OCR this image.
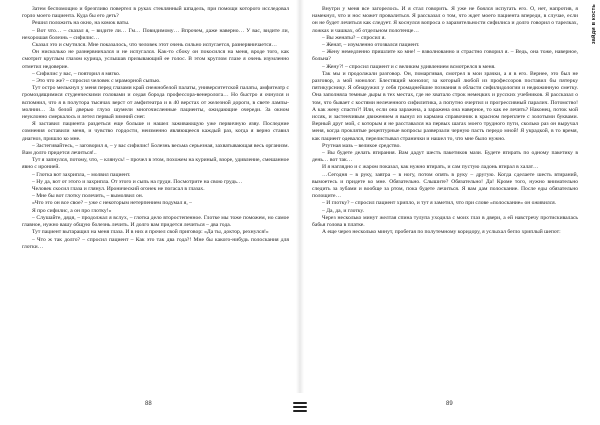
Затем беспомощно и брезгливо повертел в руках стеклянный шпадель, при помощи которого исследовал горло моего пациента. Куда бы его деть?

Решил положить на окно, на комок ваты.

– Вот что… – сказал я, – видите ли… Гм… Повидимому… Впрочем, даже наверно… У вас, видите ли, нехорошая болезнь – сифилис…

Сказал это и смутился. Мне показалось, что человек этот очень сильно испугается, разнервничается…

Он нисколько не разнервничался и не испугался. Как-то сбоку он покосился на меня, вроде того, как смотрит круглым глазом курица, услышав призывающий ее голос. В этом круглом глазе я очень изумленно отметил недоверие.

– Сифилис у вас, – повторил я мягко.

– Это что же? – спросил человек с мраморной сыпью.

Тут остро мелькнул у меня перед глазами край снежнобелой палаты, университетской палаты, амфитеатр с громоздящимися студенческими головами и седая борода профессора-венеролога… Но быстро я очнулся и вспомнил, что я в полутора тысячах верст от амфитеатра и в 40 верстах от железной дороги, в свете лампы-молнии… За белой дверью глухо шумели многочисленные пациенты, ожидающие очереди. За окном неуклонно смеркалось и летел первый зимний снег.

Я заставил пациента раздеться еще больше и нашел заживающую уже первичную язву. Последние сомнения оставили меня, и чувство гордости, неизменно являющееся каждый раз, когда я верно ставил диагноз, пришло ко мне.

– Застегивайтесь, – заговорил я, – у вас сифилис! Болезнь весьма серьезная, захватывающая весь организм. Вам долго придется лечиться!..

Тут я запнулся, потому, что, – клянусь! – прочел в этом, похожем на куриный, взоре, удивление, смешанное явно с иронией.

– Глотка вот захрипла, – молвил пациент.

– Ну да, вот от этого и захрипла. От этого и сыпь на груди. Посмотрите на свою грудь…

Человек скосил глаза и глянул. Иронический огонек не погасал в глазах.

– Мне бы вот глотку полечить, – вымолвил он.

«Что это он все свое? – уже с некоторым нетерпением подумал я, –

Я про сифилис, а он про глотку!»

– Слушайте, дядя, – продолжал я вслух, – глотка дело второстепенное. Глотке мы тоже поможем, но самое главное, нужно вашу общую болезнь лечить. И долго вам придется лечиться – два года.

Тут пациент вытаращил на меня глаза. И в них я прочел свой приговор: «Да ты, доктор, рехнулся!»

– Что ж так долго? – спросил пациент – Как это так два года?! Мне бы какого-нибудь полоскания для глотки…

Внутри у меня все загорелось. И я стал говорить. Я уже не боялся испугать его. О, нет, напротив, я намекнул, что и нос может провалиться. Я рассказал о том, что ждет моего пациента впереди, в случае, если он не будет лечиться как следует. Я коснулся вопроса о заразительности сифилиса и долго говорил о тарелках, ложках и чашках, об отдельном полотенце…

– Вы женаты? – спросил я.

– Женат, – изумленно отозвался пациент.

– Жену немедленно пришлите ко мне! – взволнованно и страстно говорил я. – Ведь, она тоже, наверное, больна?

– Жену?! – спросил пациент и с великим удивлением всмотрелся в меня.

Так мы и продолжали разговор. Он, помаргивая, смотрел в мои зрачки, а я в его. Вернее, это был не разговор, а мой монолог. Блестящий монолог, за который любой из профессоров поставил бы пятерку пятикурснику. Я обнаружил у себя громаднейшие познания в области сифилидологии и недюжинную сметку. Она заполняла темные дыры в тех местах, где не хватало строк немецких и русских учебников. Я рассказал о том, что бывает с костями нелеченного сифилитика, а попутно очертил и прогрессивный паралич. Потомство! А как жену спасти?! Или, если она заражена, а заражена она наверное, то как ее лечить? Наконец, поток мой иссяк, и застенчивым движением я вынул из кармана справочник в красном переплете с золотыми буквами. Верный друг мой, с которым я не расставался на первых шагах моего трудного пути, сколько раз он выручал меня, когда проклятые рецептурные вопросы разверзали черную пасть передо мной! Я украдкой, в то время, как пациент одевался, перелистывал странички и нашел то, что мне было нужно.

Ртутная мазь – великое средство.

– Вы будете делать втирания. Вам дадут шесть пакетиков мази. Будете втирать по одному пакетику в день… вот так…

И я наглядно и с жаром показал, как нужно втирать, и сам пустую ладонь втирал в халат…

…Сегодня – в руку, завтра – в ногу, потом опять в руку – другую. Когда сделаете шесть втираний, вымоетесь и придете ко мне. Обязательно. Слышите? Обязательно! Да! Кроме того, нужно внимательно следить за зубами и вообще за ртом, пока будете лечиться. Я вам дам полоскание. После еды обязательно полощите…

– И глотку? – спросил пациент хрипло, и тут я заметил, что при слове «полоскание» он оживился.

– Да, да, и глотку.

Через несколько минут желтая спина тулупа уходила с моих глаз в двери, а ей навстречу протискивалась бабья голова в платке.

А еще через несколько минут, пробегая по полутемному коридору, я услыхал бегло хриплый шепот:

зайди в кость
88	89
